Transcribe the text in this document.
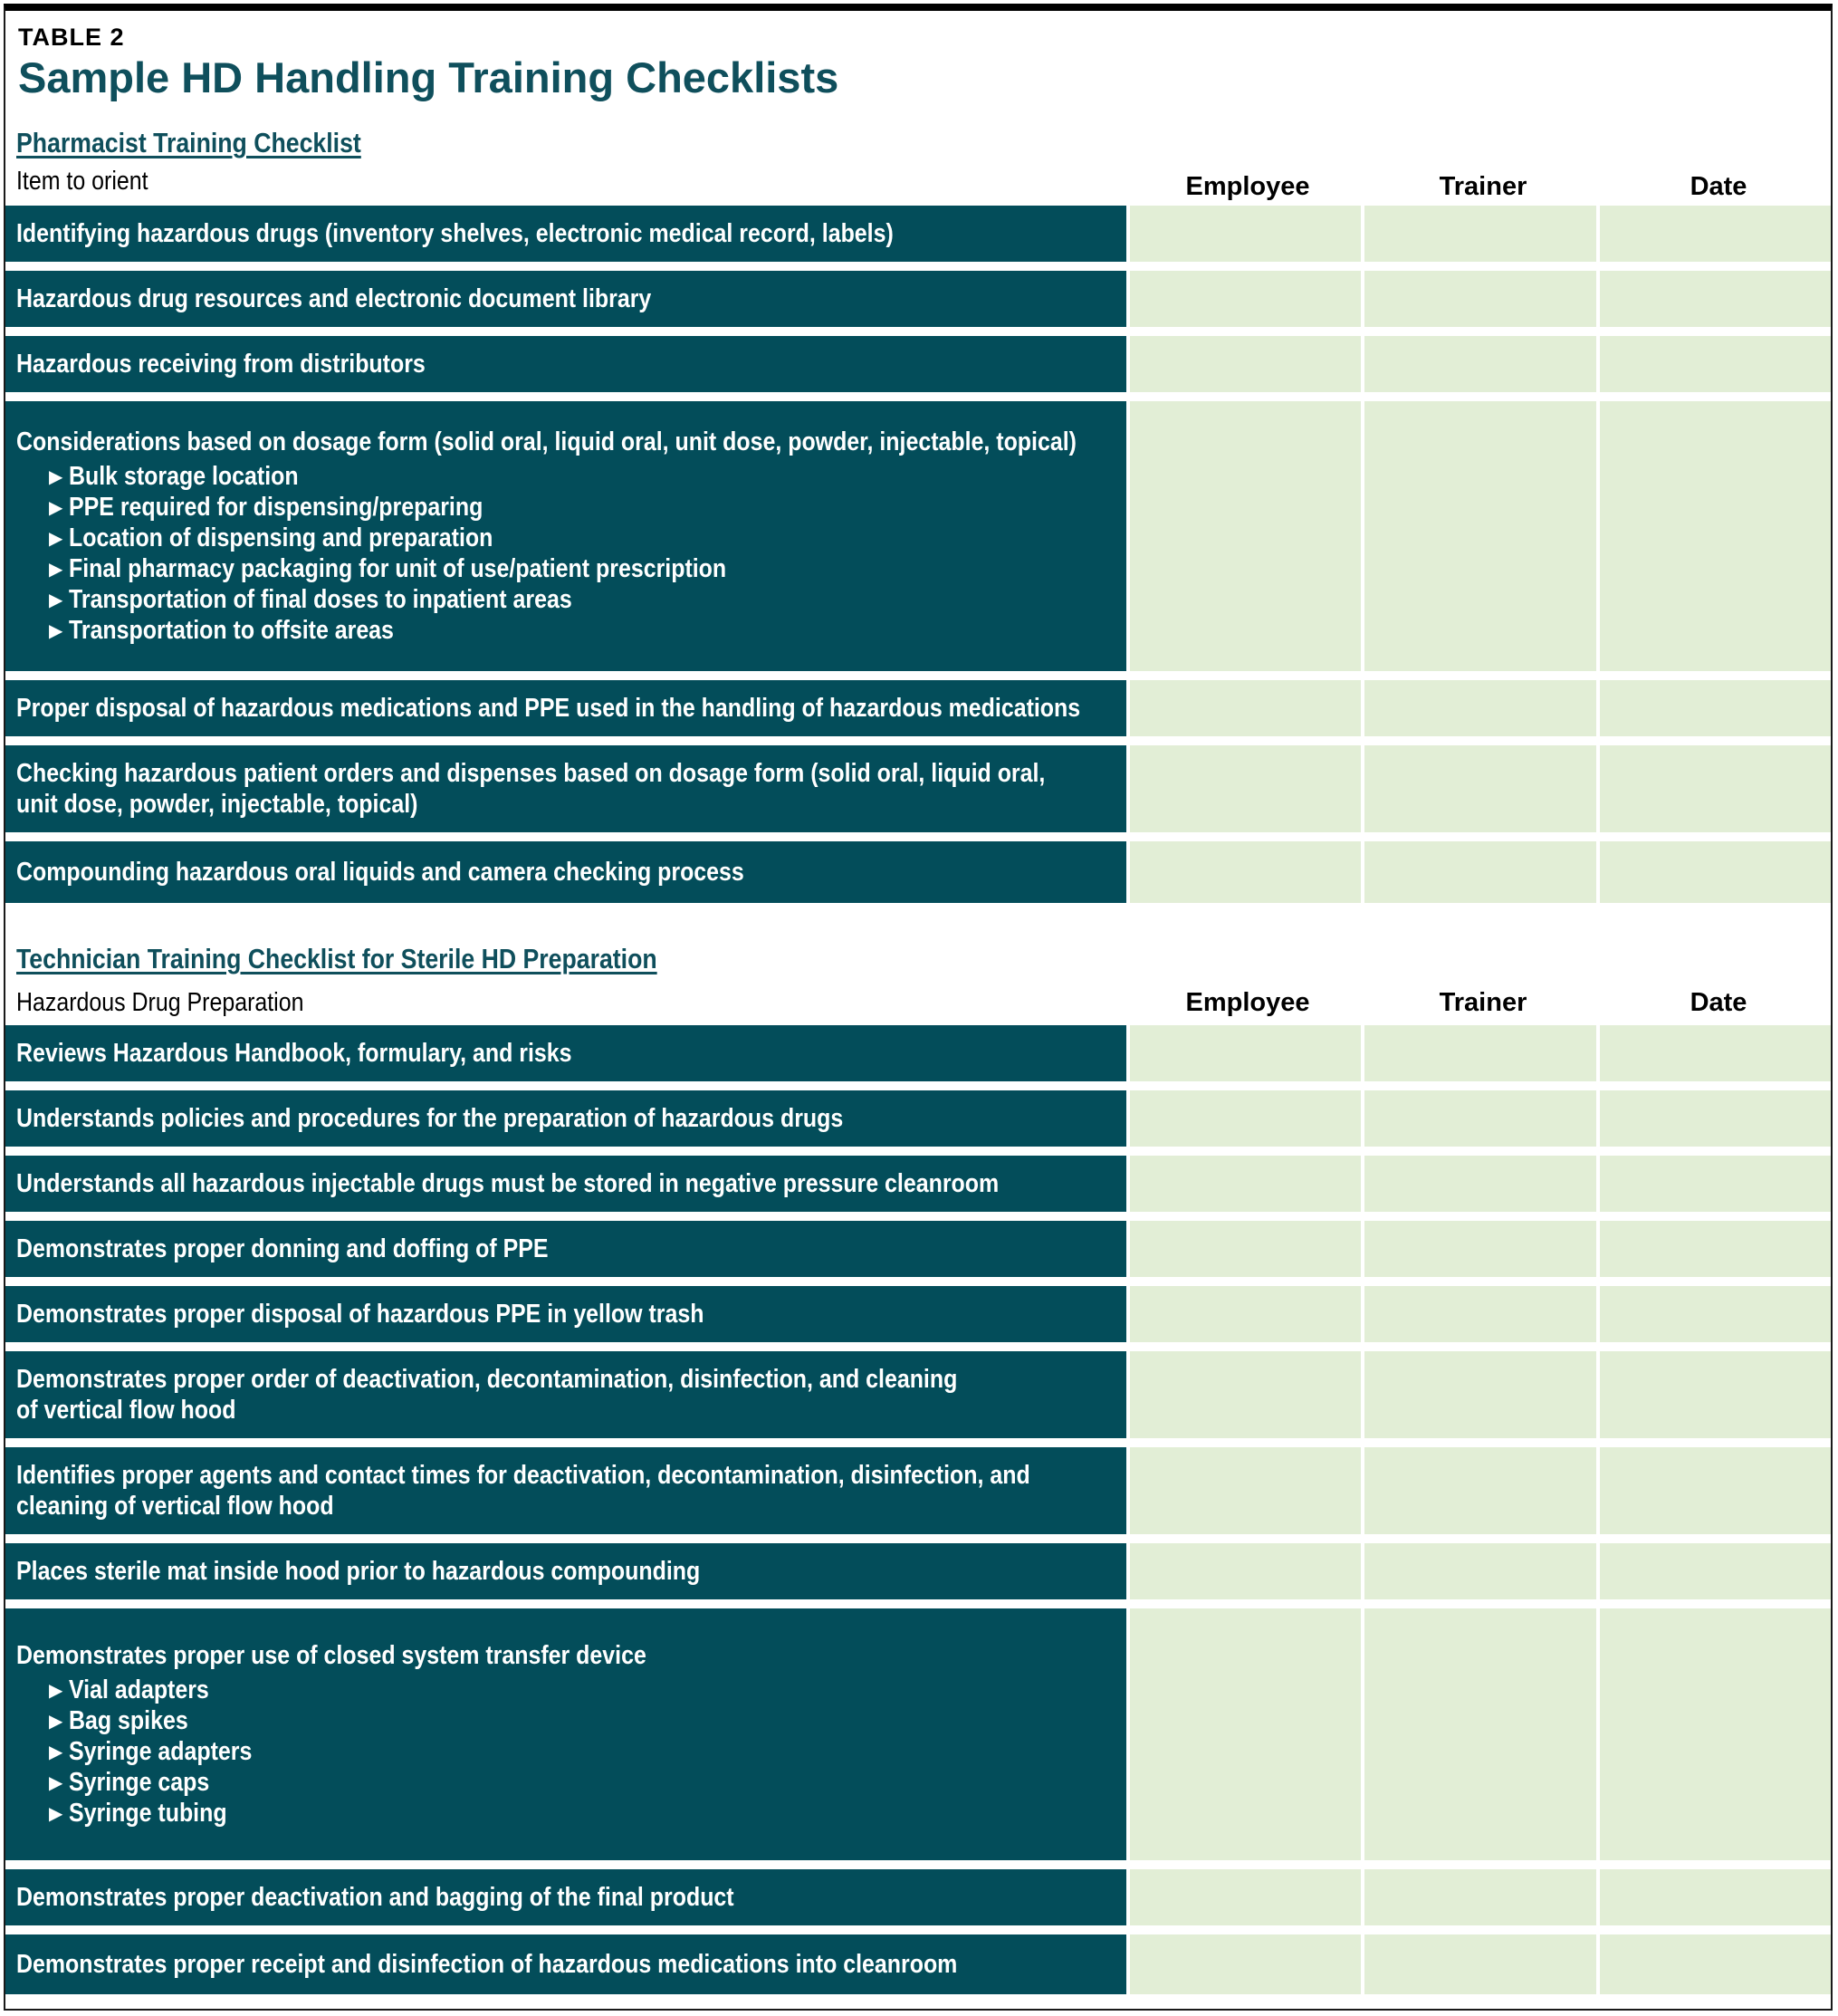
TABLE 2
Sample HD Handling Training Checklists
Pharmacist Training Checklist
Item to orient	Employee	Trainer	Date
Identifying hazardous drugs (inventory shelves, electronic medical record, labels)
Hazardous drug resources and electronic document library
Hazardous receiving from distributors
Considerations based on dosage form (solid oral, liquid oral, unit dose, powder, injectable, topical)
▶ Bulk storage location
▶ PPE required for dispensing/preparing
▶ Location of dispensing and preparation
▶ Final pharmacy packaging for unit of use/patient prescription
▶ Transportation of final doses to inpatient areas
▶ Transportation to offsite areas
Proper disposal of hazardous medications and PPE used in the handling of hazardous medications
Checking hazardous patient orders and dispenses based on dosage form (solid oral, liquid oral,
unit dose, powder, injectable, topical)
Compounding hazardous oral liquids and camera checking process
Technician Training Checklist for Sterile HD Preparation
Hazardous Drug Preparation	Employee	Trainer	Date
Reviews Hazardous Handbook, formulary, and risks
Understands policies and procedures for the preparation of hazardous drugs
Understands all hazardous injectable drugs must be stored in negative pressure cleanroom
Demonstrates proper donning and doffing of PPE
Demonstrates proper disposal of hazardous PPE in yellow trash
Demonstrates proper order of deactivation, decontamination, disinfection, and cleaning
of vertical flow hood
Identifies proper agents and contact times for deactivation, decontamination, disinfection, and
cleaning of vertical flow hood
Places sterile mat inside hood prior to hazardous compounding
Demonstrates proper use of closed system transfer device
▶ Vial adapters
▶ Bag spikes
▶ Syringe adapters
▶ Syringe caps
▶ Syringe tubing
Demonstrates proper deactivation and bagging of the final product
Demonstrates proper receipt and disinfection of hazardous medications into cleanroom
